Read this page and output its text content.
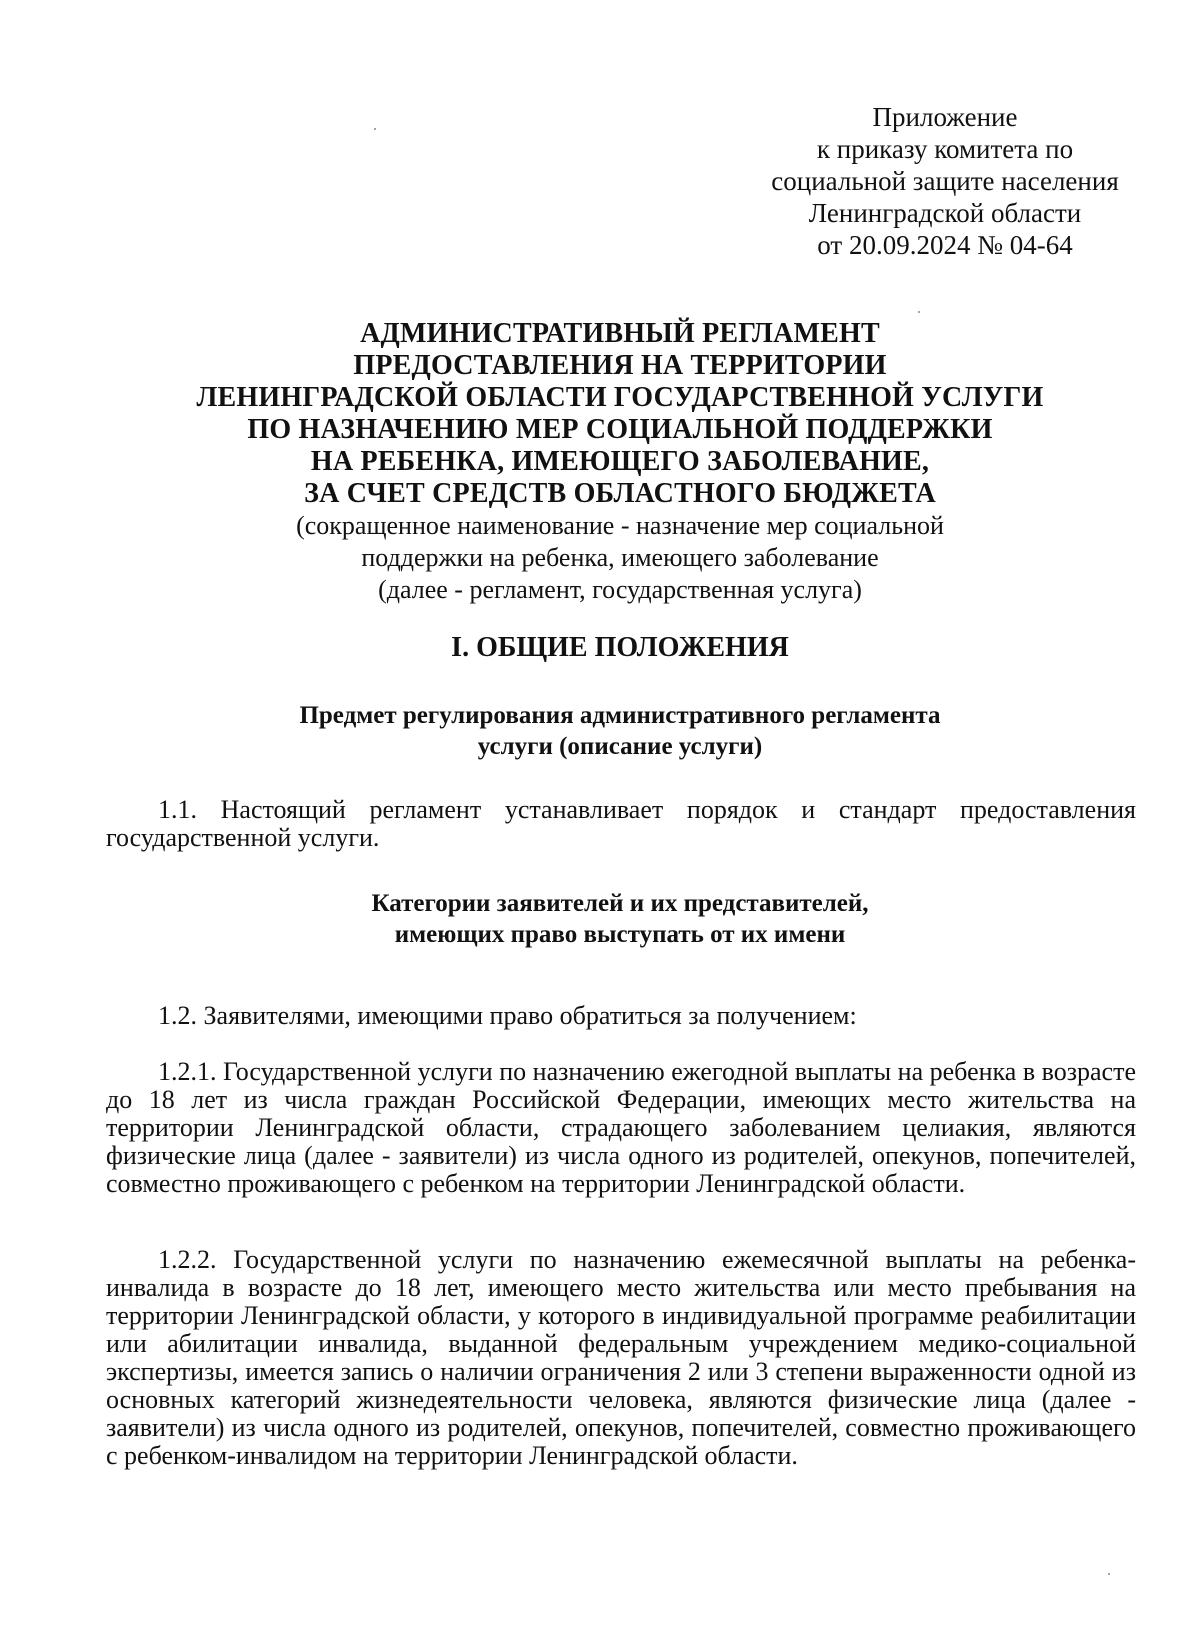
Приложение
к приказу комитета по
социальной защите населения
Ленинградской области
от 20.09.2024 № 04-64
АДМИНИСТРАТИВНЫЙ РЕГЛАМЕНТ
ПРЕДОСТАВЛЕНИЯ НА ТЕРРИТОРИИ
ЛЕНИНГРАДСКОЙ ОБЛАСТИ ГОСУДАРСТВЕННОЙ УСЛУГИ
ПО НАЗНАЧЕНИЮ МЕР СОЦИАЛЬНОЙ ПОДДЕРЖКИ
НА РЕБЕНКА, ИМЕЮЩЕГО ЗАБОЛЕВАНИЕ,
ЗА СЧЕТ СРЕДСТВ ОБЛАСТНОГО БЮДЖЕТА
(сокращенное наименование - назначение мер социальной
поддержки на ребенка, имеющего заболевание
(далее - регламент, государственная услуга)
I. ОБЩИЕ ПОЛОЖЕНИЯ
Предмет регулирования административного регламента
услуги (описание услуги)

1.1. Настоящий регламент устанавливает порядок и стандарт предоставления государственной услуги.

Категории заявителей и их представителей,
имеющих право выступать от их имени

1.2. Заявителями, имеющими право обратиться за получением:

1.2.1. Государственной услуги по назначению ежегодной выплаты на ребенка в возрасте до 18 лет из числа граждан Российской Федерации, имеющих место жительства на территории Ленинградской области, страдающего заболеванием целиакия, являются физические лица (далее - заявители) из числа одного из родителей, опекунов, попечителей, совместно проживающего с ребенком на территории Ленинградской области.

1.2.2. Государственной услуги по назначению ежемесячной выплаты на ребенка-инвалида в возрасте до 18 лет, имеющего место жительства или место пребывания на территории Ленинградской области, у которого в индивидуальной программе реабилитации или абилитации инвалида, выданной федеральным учреждением медико-социальной экспертизы, имеется запись о наличии ограничения 2 или 3 степени выраженности одной из основных категорий жизнедеятельности человека, являются физические лица (далее - заявители) из числа одного из родителей, опекунов, попечителей, совместно проживающего с ребенком-инвалидом на территории Ленинградской области.
